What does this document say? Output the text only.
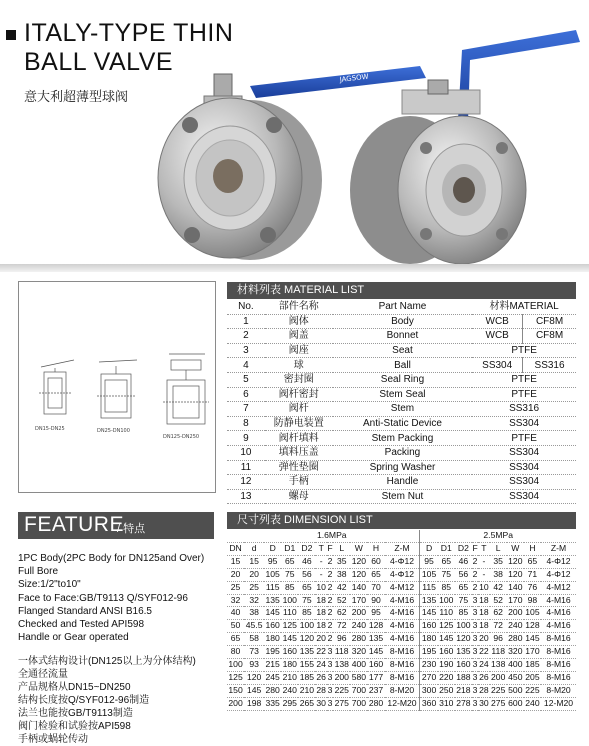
ITALY-TYPE THIN
BALL VALVE
意大利超薄型球阀
JAGSOW
DN15-DN25	DN25-DN100
DN125-DN250
材料列表 MATERIAL LIST
No.	部件名称	Part Name	材料MATERIAL	
1	阀体	Body	WCB	CF8M
2	阀盖	Bonnet	WCB	CF8M
3	阀座	Seat	PTFE	
4	球	Ball	SS304	SS316
5	密封圈	Seal Ring	PTFE	
6	阀杆密封	Stem Seal	PTFE	
7	阀杆	Stem	SS316	
8	防静电装置	Anti-Static Device	SS304	
9	阀杆填料	Stem Packing	PTFE	
10	填料压盖	Packing	SS304	
11	弹性垫圈	Spring Washer	SS304	
12	手柄	Handle	SS304	
13	螺母	Stem Nut	SS304	
尺寸列表 DIMENSION LIST
	1.6MPa										2.5MPa								
DN	d	D	D1	D2	T	F	L	W	H	Z-M	D	D1	D2	F	T	L	W	H	Z-M
15	15	95	65	46	-	2	35	120	60	4-Φ12	95	65	46	2	-	35	120	65	4-Φ12
20	20	105	75	56	-	2	38	120	65	4-Φ12	105	75	56	2	-	38	120	71	4-Φ12
25	25	115	85	65	10	2	42	140	70	4-M12	115	85	65	2	10	42	140	76	4-M12
32	32	135	100	75	18	2	52	170	90	4-M16	135	100	75	3	18	52	170	98	4-M16
40	38	145	110	85	18	2	62	200	95	4-M16	145	110	85	3	18	62	200	105	4-M16
50	45.5	160	125	100	18	2	72	240	128	4-M16	160	125	100	3	18	72	240	128	4-M16
65	58	180	145	120	20	2	96	280	135	4-M16	180	145	120	3	20	96	280	145	8-M16
80	73	195	160	135	22	3	118	320	145	8-M16	195	160	135	3	22	118	320	170	8-M16
100	93	215	180	155	24	3	138	400	160	8-M16	230	190	160	3	24	138	400	185	8-M16
125	120	245	210	185	26	3	200	580	177	8-M16	270	220	188	3	26	200	450	205	8-M16
150	145	280	240	210	28	3	225	700	237	8-M20	300	250	218	3	28	225	500	225	8-M20
200	198	335	295	265	30	3	275	700	280	12-M20	360	310	278	3	30	275	600	240	12-M20
FEATURE
/ 特点
1PC Body(2PC Body for DN125and Over)
Full Bore
Size:1/2"to10"
Face to Face:GB/T9113 Q/SYF012-96
Flanged Standard ANSI B16.5
Checked and Tested API598
Handle or Gear operated
一体式结构设计(DN125以上为分体结构)
全通径流量
产品规格从DN15~DN250
结构长度按Q/SYF012-96制造
法兰也能按GB/T9113制造
阀门检验和试验按API598
手柄或蜗轮传动
